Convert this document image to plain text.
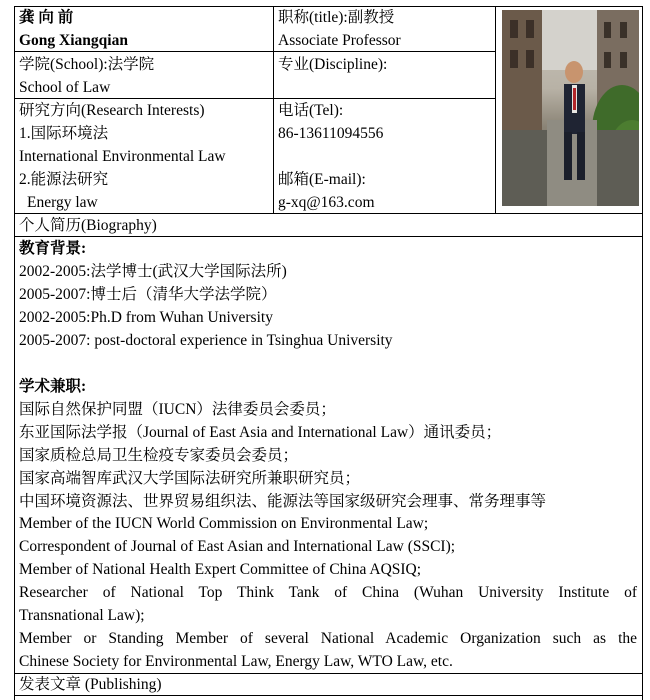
龚 向 前
Gong Xiangqian
职称(title):副教授
Associate Professor
学院(School):法学院
School of Law
专业(Discipline):
研究方向(Research Interests)
1.国际环境法
International Environmental Law
2.能源法研究
Energy law
电话(Tel):
86-13611094556
邮箱(E-mail):
g-xq@163.com
个人简历(Biography)
教育背景:
2002-2005:法学博士(武汉大学国际法所)
2005-2007:博士后（清华大学法学院）
2002-2005:Ph.D from Wuhan University
2005-2007: post-doctoral experience in Tsinghua University
学术兼职:
国际自然保护同盟（IUCN）法律委员会委员；
东亚国际法学报（Journal of East Asia and International Law）通讯委员；
国家质检总局卫生检疫专家委员会委员；
国家高端智库武汉大学国际法研究所兼职研究员；
中国环境资源法、世界贸易组织法、能源法等国家级研究会理事、常务理事等
Member of the IUCN World Commission on Environmental Law;
Correspondent of Journal of East Asian and International Law (SSCI);
Member of National Health Expert Committee of China AQSIQ;
Researcher of National Top Think Tank of China (Wuhan University Institute of
Transnational Law);
Member or Standing Member of several National Academic Organization such as the
Chinese Society for Environmental Law, Energy Law, WTO Law, etc.
发表文章 (Publishing)
